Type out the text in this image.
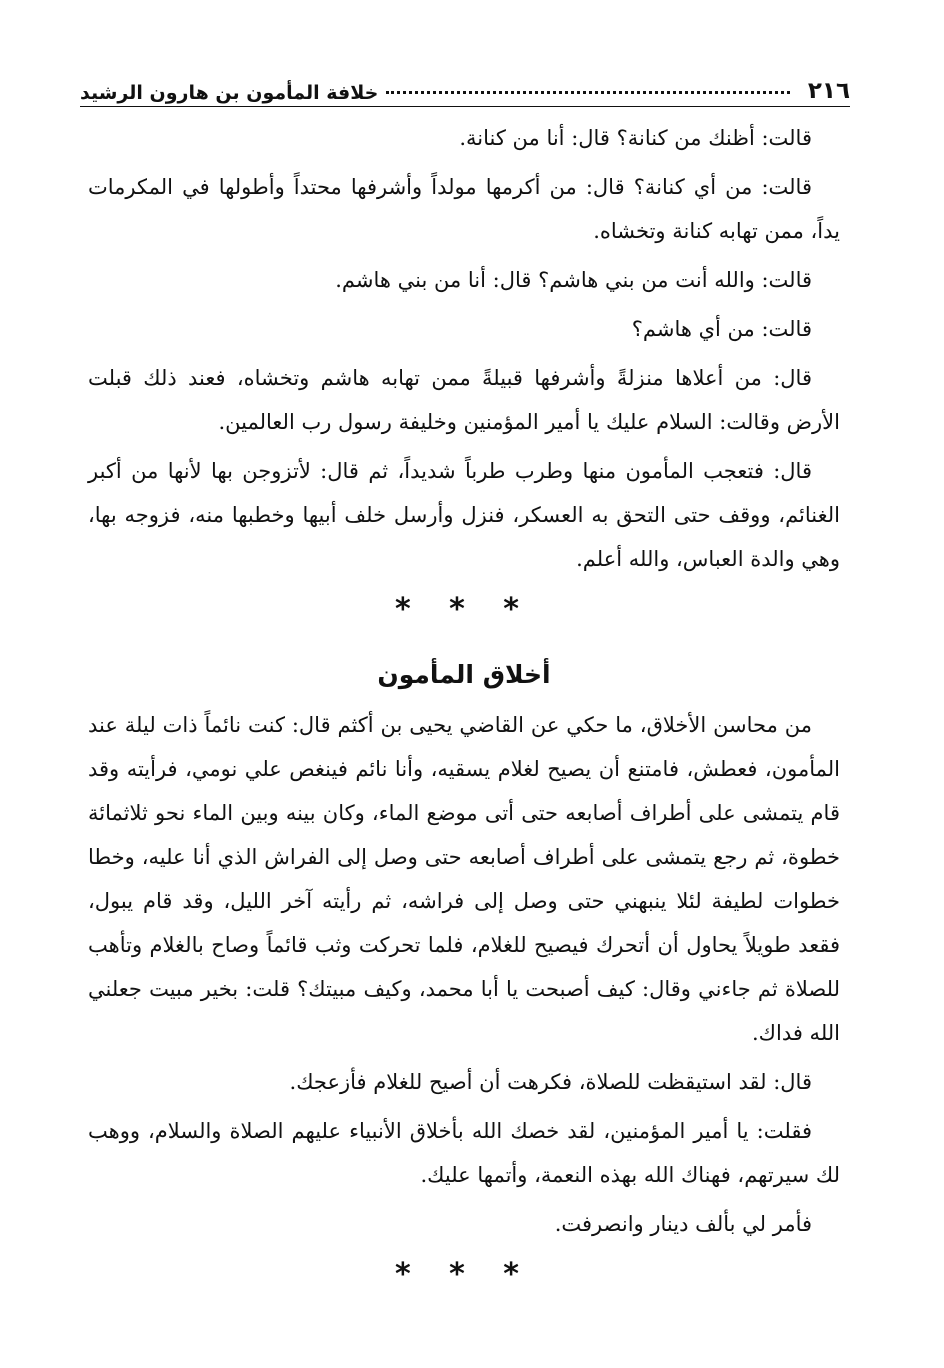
٢١٦
خلافة المأمون بن هارون الرشيد

قالت: أظنك من كنانة؟ قال: أنا من كنانة.

قالت: من أي كنانة؟ قال: من أكرمها مولداً وأشرفها محتداً وأطولها في المكرمات يداً، ممن تهابه كنانة وتخشاه.

قالت: والله أنت من بني هاشم؟ قال: أنا من بني هاشم.

قالت: من أي هاشم؟

قال: من أعلاها منزلةً وأشرفها قبيلةً ممن تهابه هاشم وتخشاه، فعند ذلك قبلت الأرض وقالت: السلام عليك يا أمير المؤمنين وخليفة رسول رب العالمين.

قال: فتعجب المأمون منها وطرب طرباً شديداً، ثم قال: لأتزوجن بها لأنها من أكبر الغنائم، ووقف حتى التحق به العسكر، فنزل وأرسل خلف أبيها وخطبها منه، فزوجه بها، وهي والدة العباس، والله أعلم.

* * *
أخلاق المأمون

من محاسن الأخلاق، ما حكي عن القاضي يحيى بن أكثم قال: كنت نائماً ذات ليلة عند المأمون، فعطش، فامتنع أن يصيح لغلام يسقيه، وأنا نائم فينغص علي نومي، فرأيته وقد قام يتمشى على أطراف أصابعه حتى أتى موضع الماء، وكان بينه وبين الماء نحو ثلاثمائة خطوة، ثم رجع يتمشى على أطراف أصابعه حتى وصل إلى الفراش الذي أنا عليه، وخطا خطوات لطيفة لئلا ينبهني حتى وصل إلى فراشه، ثم رأيته آخر الليل، وقد قام يبول، فقعد طويلاً يحاول أن أتحرك فيصيح للغلام، فلما تحركت وثب قائماً وصاح بالغلام وتأهب للصلاة ثم جاءني وقال: كيف أصبحت يا أبا محمد، وكيف مبيتك؟ قلت: بخير مبيت جعلني الله فداك.

قال: لقد استيقظت للصلاة، فكرهت أن أصيح للغلام فأزعجك.

فقلت: يا أمير المؤمنين، لقد خصك الله بأخلاق الأنبياء عليهم الصلاة والسلام، ووهب لك سيرتهم، فهناك الله بهذه النعمة، وأتمها عليك.

فأمر لي بألف دينار وانصرفت.

* * *
